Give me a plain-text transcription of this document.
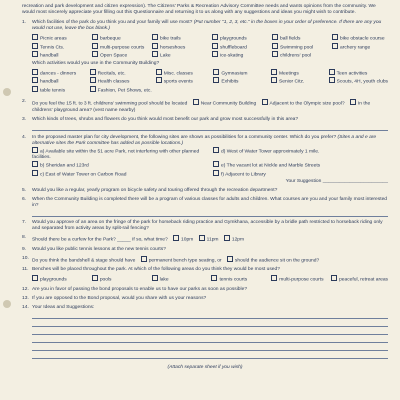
recreation and park development and citizen expression). The Citizens' Parks & Recreation Advisory Committee needs and wants opinions from the community. We would most sincerely appreciate your filling out this Questionnaire and returning it to us along with any suggestions and ideas you might wish to contribute.

1.	Which facilities of the park do you think you and your family will use most? (Put number "1, 2, 3, etc." in the boxes in your order of preference. If there are any you would not use, leave the box blank.)
Picnic areas	barbeque	bike trails	playgrounds	ball fields	bike obstacle course
Tennis Cts.	multi-purpose courts	horseshoes	shuffleboard	Swimming pool	archery range
handball	Open Space	Lake	ice-skating	childrens' pool
Which activities would you use in the Community Building?
dances - dinners	Recitals, etc.	Misc. classes	Gymnasium	Meetings	Teen activities
handball	Health classes	sports events	Exhibits	Senior Citz.	Scouts, 4H, youth clubs
table tennis	Fashion, Pet Shows, etc.
2.	Do you feel the 15 ft. to 3 ft. childrens' swimming pool should be located	Near Community Building	Adjacent to the Olympic size pool?	In the childrens' playground area? (vest name nearby)
3.	Which kinds of trees, shrubs and flowers do you think would most benefit our park and grow most successfully in this area?
4.	In the proposed master plan for city development, the following sites are shown as possibilities for a community center. Which do you prefer? (Sites a and e are alternative sites the Park committee has added as possible locations.)
a) Available site within the 51 acre Park, not interfering with other planned facilities.
d) West of Water Tower approximately 1 mile.
b) Sheridan and 123rd	e) The vacant lot at Nickle and Marble Streets
c) East of Water Tower on Carbon Road	f) Adjacent to Library
Your Suggestion ________________________
5.	Would you like a regular, yearly program on bicycle safety and touring offered through the recreation department?
6.	When the Community Building is completed there will be a program of various classes for adults and children. What courses are you and your family most interested in?
7.	Would you approve of an area on the fringe of the park for horseback riding practice and Gymkhana, accessible by a bridle path restricted to horseback riding only and separated from activity areas by split-rail fencing?
8.	Should there be a curfew for the Park? _____ If so, what time?	10pm	11pm	12pm
9.	Would you like public tennis lessons at the new tennis courts?
10. Do you think the bandshell & stage should have	permanent bench type seating, or	should the audience sit on the ground?
11. Benches will be placed throughout the park. At which of the following areas do you think they would be most used?
playgrounds	pools	lake	tennis courts	multi-purpose courts	peaceful, retreat areas
12. Are you in favor of passing the bond proposals to enable us to have our parks as soon as possible?
13. If you are opposed to the Bond proposal, would you share with us your reasons?
14. Your Ideas and Suggestions:
(Attach separate sheet if you wish)
